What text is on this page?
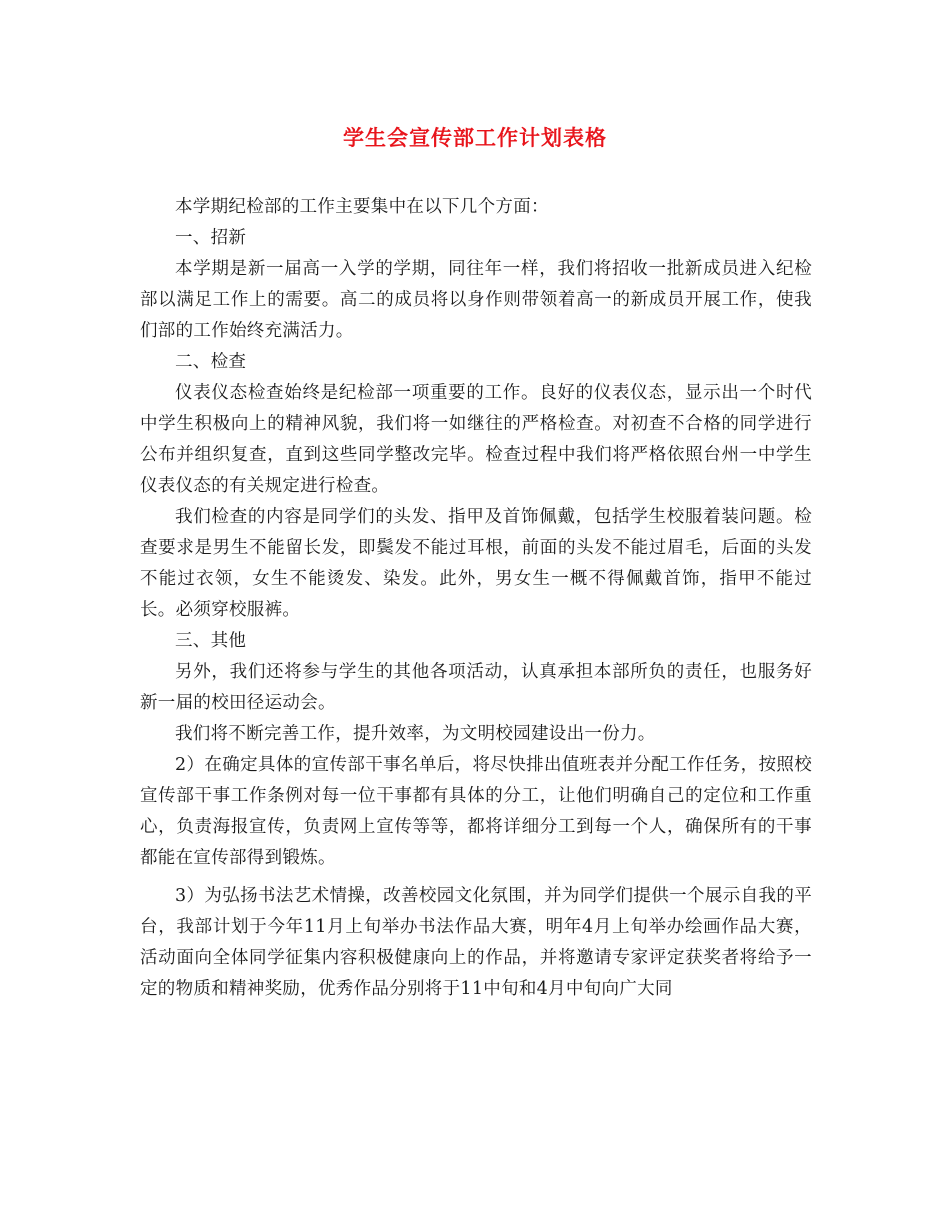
学生会宣传部工作计划表格

本学期纪检部的工作主要集中在以下几个方面：

一、招新

本学期是新一届高一入学的学期，同往年一样，我们将招收一批新成员进入纪检部以满足工作上的需要。高二的成员将以身作则带领着高一的新成员开展工作，使我们部的工作始终充满活力。

二、检查

仪表仪态检查始终是纪检部一项重要的工作。良好的仪表仪态，显示出一个时代中学生积极向上的精神风貌，我们将一如继往的严格检查。对初查不合格的同学进行公布并组织复查，直到这些同学整改完毕。检查过程中我们将严格依照台州一中学生仪表仪态的有关规定进行检查。

我们检查的内容是同学们的头发、指甲及首饰佩戴，包括学生校服着装问题。检查要求是男生不能留长发，即鬓发不能过耳根，前面的头发不能过眉毛，后面的头发不能过衣领，女生不能烫发、染发。此外，男女生一概不得佩戴首饰，指甲不能过长。必须穿校服裤。

三、其他

另外，我们还将参与学生的其他各项活动，认真承担本部所负的责任，也服务好新一届的校田径运动会。

我们将不断完善工作，提升效率，为文明校园建设出一份力。

2）在确定具体的宣传部干事名单后，将尽快排出值班表并分配工作任务，按照校宣传部干事工作条例对每一位干事都有具体的分工，让他们明确自己的定位和工作重心，负责海报宣传，负责网上宣传等等，都将详细分工到每一个人，确保所有的干事都能在宣传部得到锻炼。

3）为弘扬书法艺术情操，改善校园文化氛围，并为同学们提供一个展示自我的平台，我部计划于今年11月上旬举办书法作品大赛，明年4月上旬举办绘画作品大赛，活动面向全体同学征集内容积极健康向上的作品，并将邀请专家评定获奖者将给予一定的物质和精神奖励，优秀作品分别将于11中旬和4月中旬向广大同
